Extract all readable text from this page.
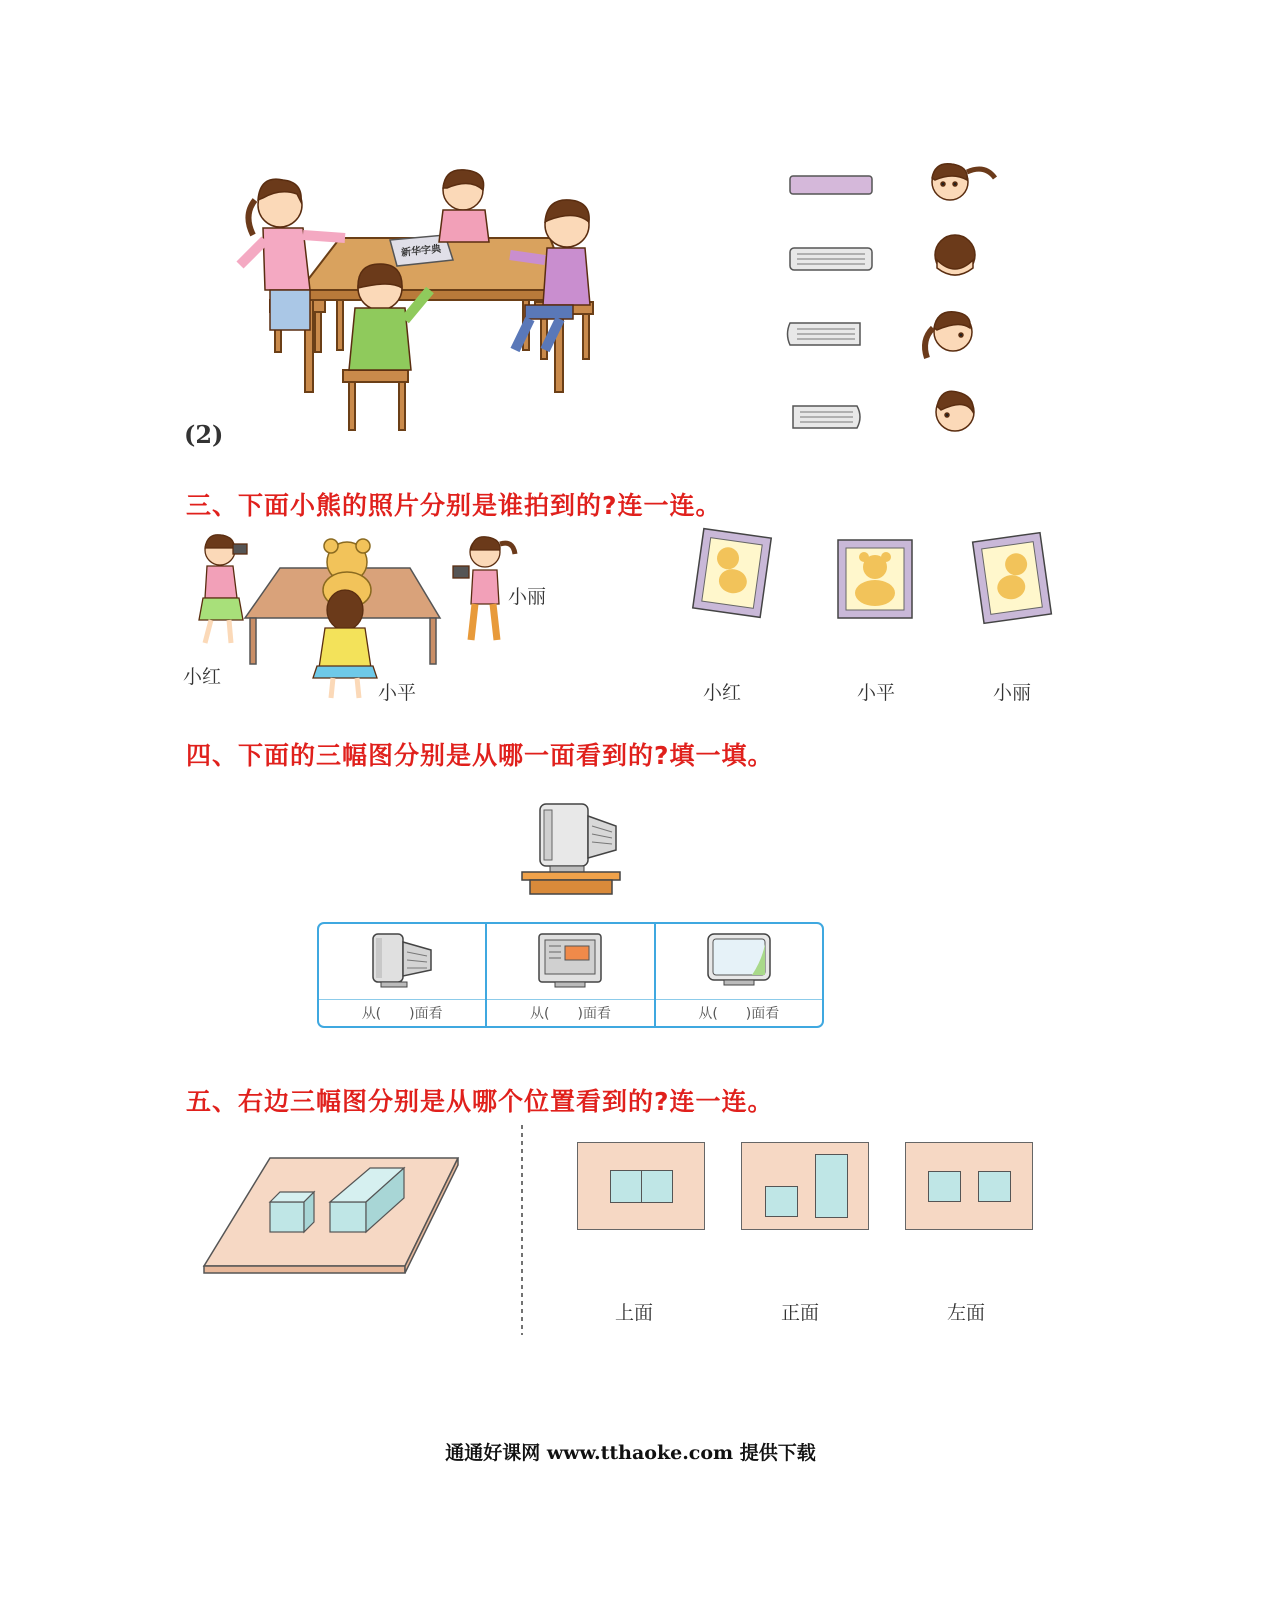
新华字典
(2)
三、下面小熊的照片分别是谁拍到的?连一连。
小红
小平
小丽
小红	小平	小丽
四、下面的三幅图分别是从哪一面看到的?填一填。
从(　　)面看	从(　　)面看	从(　　)面看
五、右边三幅图分别是从哪个位置看到的?连一连。
上面	正面	左面
通通好课网 www.tthaoke.com 提供下载
